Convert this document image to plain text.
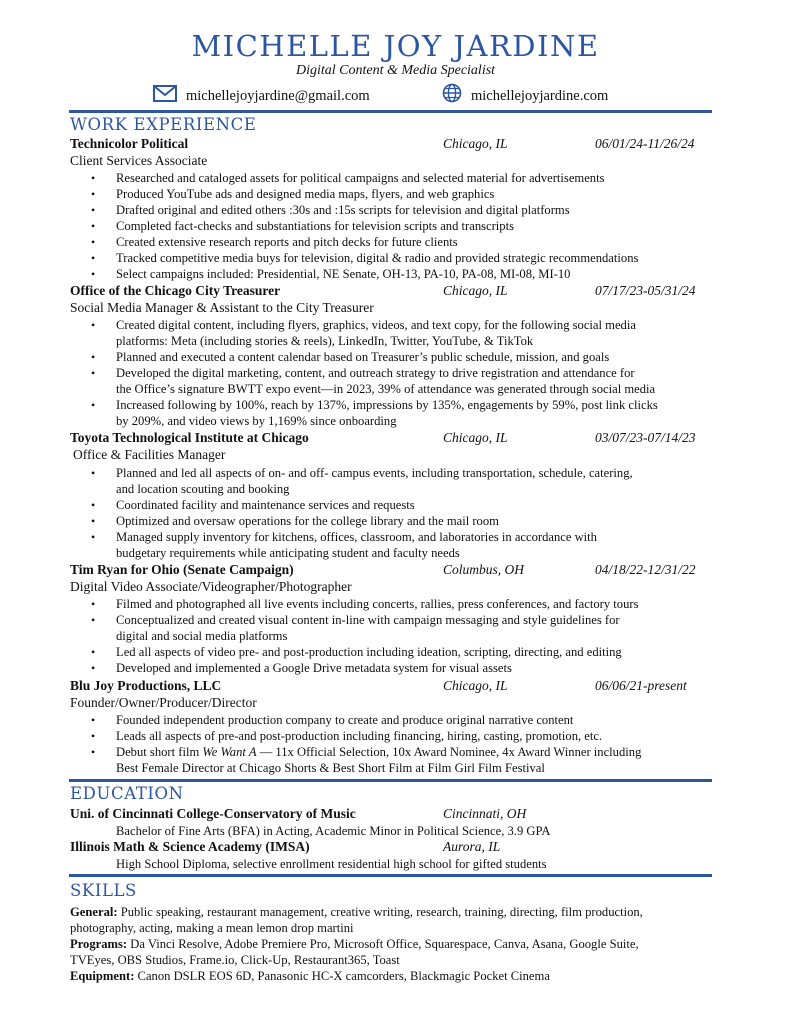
MICHELLE JOY JARDINE
Digital Content & Media Specialist
michellejoyjardine@gmail.com	michellejoyjardine.com
WORK EXPERIENCE
Technicolor Political	Chicago, IL	06/01/24-11/26/24
Client Services Associate
• Researched and cataloged assets for political campaigns and selected material for advertisements
• Produced YouTube ads and designed media maps, flyers, and web graphics
• Drafted original and edited others :30s and :15s scripts for television and digital platforms
• Completed fact-checks and substantiations for television scripts and transcripts
• Created extensive research reports and pitch decks for future clients
• Tracked competitive media buys for television, digital & radio and provided strategic recommendations
• Select campaigns included: Presidential, NE Senate, OH-13, PA-10, PA-08, MI-08, MI-10
Office of the Chicago City Treasurer	Chicago, IL	07/17/23-05/31/24
Social Media Manager & Assistant to the City Treasurer
• Created digital content, including flyers, graphics, videos, and text copy, for the following social media
platforms: Meta (including stories & reels), LinkedIn, Twitter, YouTube, & TikTok
• Planned and executed a content calendar based on Treasurer’s public schedule, mission, and goals
• Developed the digital marketing, content, and outreach strategy to drive registration and attendance for
the Office’s signature BWTT expo event—in 2023, 39% of attendance was generated through social media
• Increased following by 100%, reach by 137%, impressions by 135%, engagements by 59%, post link clicks
by 209%, and video views by 1,169% since onboarding
Toyota Technological Institute at Chicago	Chicago, IL	03/07/23-07/14/23
Office & Facilities Manager
• Planned and led all aspects of on- and off- campus events, including transportation, schedule, catering,
and location scouting and booking
• Coordinated facility and maintenance services and requests
• Optimized and oversaw operations for the college library and the mail room
• Managed supply inventory for kitchens, offices, classroom, and laboratories in accordance with
budgetary requirements while anticipating student and faculty needs
Tim Ryan for Ohio (Senate Campaign)	Columbus, OH	04/18/22-12/31/22
Digital Video Associate/Videographer/Photographer
• Filmed and photographed all live events including concerts, rallies, press conferences, and factory tours
• Conceptualized and created visual content in-line with campaign messaging and style guidelines for
digital and social media platforms
• Led all aspects of video pre- and post-production including ideation, scripting, directing, and editing
• Developed and implemented a Google Drive metadata system for visual assets
Blu Joy Productions, LLC	Chicago, IL	06/06/21-present
Founder/Owner/Producer/Director
• Founded independent production company to create and produce original narrative content
• Leads all aspects of pre-and post-production including financing, hiring, casting, promotion, etc.
• Debut short film We Want A — 11x Official Selection, 10x Award Nominee, 4x Award Winner including
Best Female Director at Chicago Shorts & Best Short Film at Film Girl Film Festival
EDUCATION
Uni. of Cincinnati College-Conservatory of Music	Cincinnati, OH
Bachelor of Fine Arts (BFA) in Acting, Academic Minor in Political Science, 3.9 GPA
Illinois Math & Science Academy (IMSA)	Aurora, IL
High School Diploma, selective enrollment residential high school for gifted students
SKILLS
General: Public speaking, restaurant management, creative writing, research, training, directing, film production,
photography, acting, making a mean lemon drop martini
Programs: Da Vinci Resolve, Adobe Premiere Pro, Microsoft Office, Squarespace, Canva, Asana, Google Suite,
TVEyes, OBS Studios, Frame.io, Click-Up, Restaurant365, Toast
Equipment: Canon DSLR EOS 6D, Panasonic HC-X camcorders, Blackmagic Pocket Cinema
